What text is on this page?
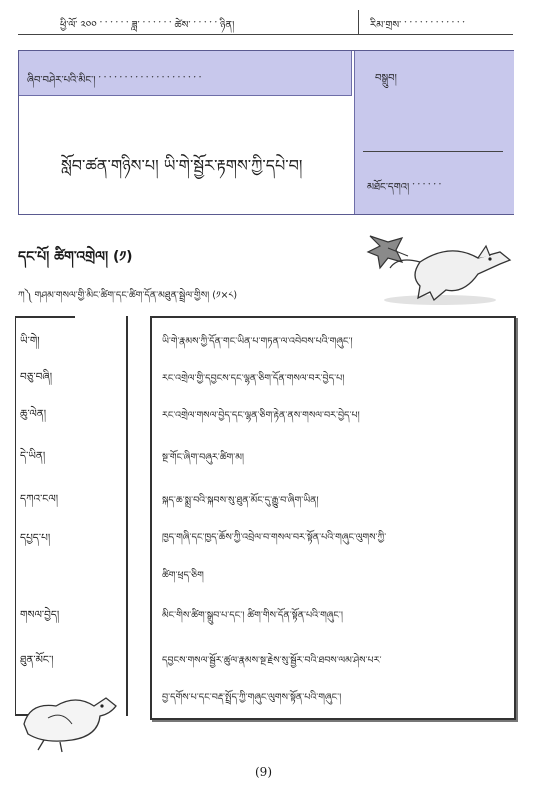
ཕྱི་ལོ་ ༢༠༠ ་ ་ ་ ་ ་ ་ ཟླ་ ་ ་ ་ ་ ་ ་ ཚེས་ ་ ་ ་ ་ ་ ཉིན།	རིམ་གྲས་ ་ ་ ་ ་ ་ ་ ་ ་ ་ ་ ་ ་
ཞིབ་བཤེར་པའི་མིང་། ་ ་ ་ ་ ་ ་ ་ ་ ་ ་ ་ ་ ་ ་ ་ ་ ་ ་ ་ ་
སློབ་ཚན་གཉིས་པ། ཡི་གེ་སྦྱོར་རྟགས་ཀྱི་དཔེ་བ།
བསྒྲུབ།
མཐོང་དགའ། ་ ་ ་ ་ ་ ་
དང་པོ། ཚིག་འགྲེལ། (༡)
ཀ༽ གཤམ་གསལ་གྱི་མིང་ཚིག་དང་ཚིག་དོན་མཐུན་སྦྲེལ་གྱིས། (༡×༨)
ཡི་གེ།
བཅུ་བཞི།
ཆུ་ལེན།
དེ་ཡིན།
དཀའ་ངལ།
དཔྱད་པ།
གསལ་བྱེད།
ཐུན་མོང་།
ཡི་གེ་རྣམས་ཀྱི་དོན་གང་ཡིན་པ་གཏན་ལ་འབེབས་པའི་གཞུང་།
རང་འགྲེལ་གྱི་དབྱངས་དང་ལྷན་ཅིག་དོན་གསལ་བར་བྱེད་པ།
རང་འགྲེལ་གསལ་བྱེད་དང་ལྷན་ཅིག་རྟེན་ནས་གསལ་བར་བྱེད་པ།
སྔ་གོང་ཞིག་བཞུར་ཚིག་མ།
སྐད་ཆ་སྨྲ་བའི་སྐབས་སུ་ཐུན་མོང་དུ་རྒྱུ་བ་ཞིག་ཡིན།
ཁྱད་གཞི་དང་ཁྱད་ཆོས་ཀྱི་འབྲེལ་བ་གསལ་བར་སྟོན་པའི་གཞུང་ལུགས་ཀྱི་
ཚིག་ཕྲད་ཅིག
མིང་གིས་ཚིག་སྒྲུབ་པ་དང་། ཚིག་གིས་དོན་སྟོན་པའི་གཞུང་།
དབྱངས་གསལ་སྦྱོར་ཚུལ་རྣམས་སྔ་རྗེས་སུ་སྦྱོར་བའི་ཐབས་ལམ་ཤེས་པར་
བྱ་དགོས་པ་དང་བརྡ་སྤྲོད་ཀྱི་གཞུང་ལུགས་སྟོན་པའི་གཞུང་།
(9)
